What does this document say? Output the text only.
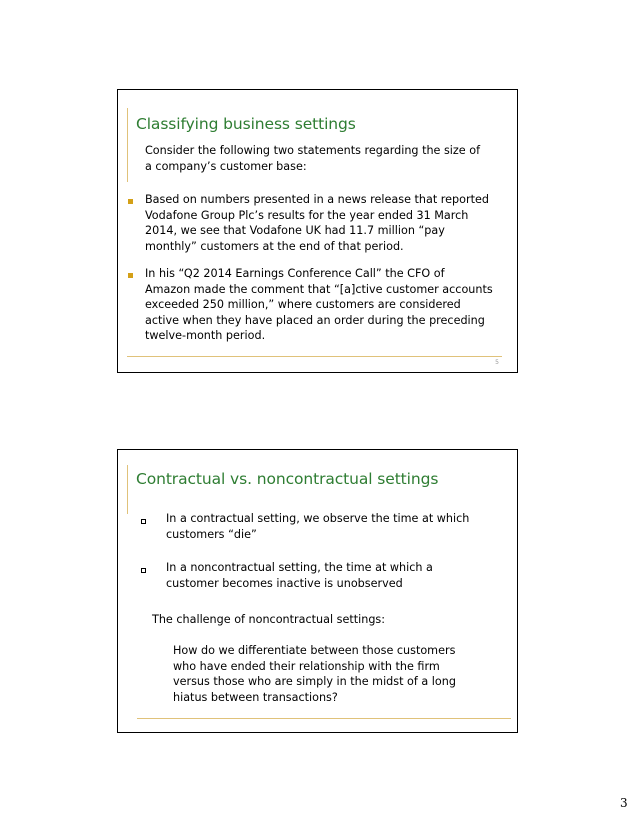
Classifying business settings
Consider the following two statements regarding the size of
a company’s customer base:
Based on numbers presented in a news release that reported
Vodafone Group Plc’s results for the year ended 31 March
2014, we see that Vodafone UK had 11.7 million “pay
monthly” customers at the end of that period.
In his “Q2 2014 Earnings Conference Call” the CFO of
Amazon made the comment that “[a]ctive customer accounts
exceeded 250 million,” where customers are considered
active when they have placed an order during the preceding
twelve-month period.
5
Contractual vs. noncontractual settings
In a contractual setting, we observe the time at which
customers “die”
In a noncontractual setting, the time at which a
customer becomes inactive is unobserved
The challenge of noncontractual settings:
How do we differentiate between those customers
who have ended their relationship with the firm
versus those who are simply in the midst of a long
hiatus between transactions?
3
